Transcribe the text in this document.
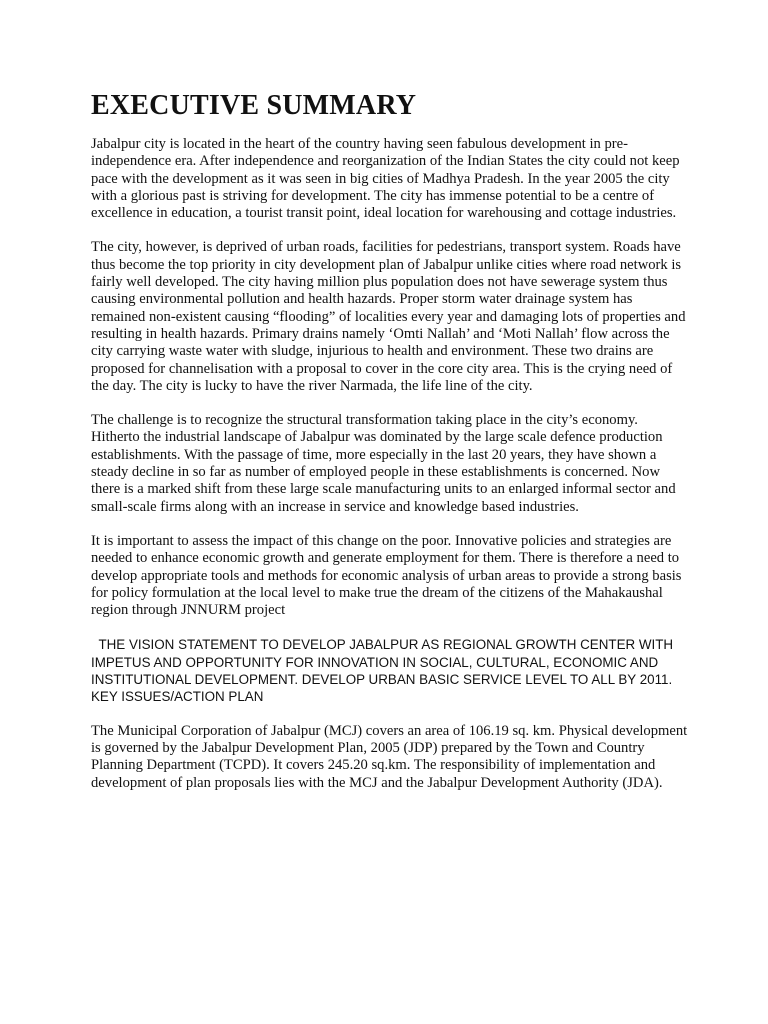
EXECUTIVE SUMMARY

Jabalpur city is located in the heart of the country having seen fabulous development in pre-independence era. After independence and reorganization of the Indian States the city could not keep pace with the development as it was seen in big cities of Madhya Pradesh. In the year 2005 the city with a glorious past is striving for development. The city has immense potential to be a centre of excellence in education, a tourist transit point, ideal location for warehousing and cottage industries.

The city, however, is deprived of urban roads, facilities for pedestrians, transport system. Roads have thus become the top priority in city development plan of Jabalpur unlike cities where road network is fairly well developed. The city having million plus population does not have sewerage system thus causing environmental pollution and health hazards. Proper storm water drainage system has remained non-existent causing “flooding” of localities every year and damaging lots of properties and resulting in health hazards. Primary drains namely ‘Omti Nallah’ and ‘Moti Nallah’ flow across the city carrying waste water with sludge, injurious to health and environment. These two drains are proposed for channelisation with a proposal to cover in the core city area. This is the crying need of the day. The city is lucky to have the river Narmada, the life line of the city.

The challenge is to recognize the structural transformation taking place in the city’s economy. Hitherto the industrial landscape of Jabalpur was dominated by the large scale defence production establishments. With the passage of time, more especially in the last 20 years, they have shown a steady decline in so far as number of employed people in these establishments is concerned. Now there is a marked shift from these large scale manufacturing units to an enlarged informal sector and small-scale firms along with an increase in service and knowledge based industries.

It is important to assess the impact of this change on the poor. Innovative policies and strategies are needed to enhance economic growth and generate employment for them. There is therefore a need to develop appropriate tools and methods for economic analysis of urban areas to provide a strong basis for policy formulation at the local level to make true the dream of the citizens of the Mahakaushal region through JNNURM project

THE VISION STATEMENT TO DEVELOP JABALPUR AS REGIONAL GROWTH CENTER WITH IMPETUS AND OPPORTUNITY FOR INNOVATION IN SOCIAL, CULTURAL, ECONOMIC AND INSTITUTIONAL DEVELOPMENT. DEVELOP URBAN BASIC SERVICE LEVEL TO ALL BY 2011.   KEY ISSUES/ACTION PLAN

The Municipal Corporation of Jabalpur (MCJ) covers an area of 106.19 sq. km. Physical development is governed by the Jabalpur Development Plan, 2005 (JDP) prepared by the Town and Country Planning Department (TCPD). It covers 245.20 sq.km. The responsibility of implementation and development of plan proposals lies with the MCJ and the Jabalpur Development Authority (JDA).
